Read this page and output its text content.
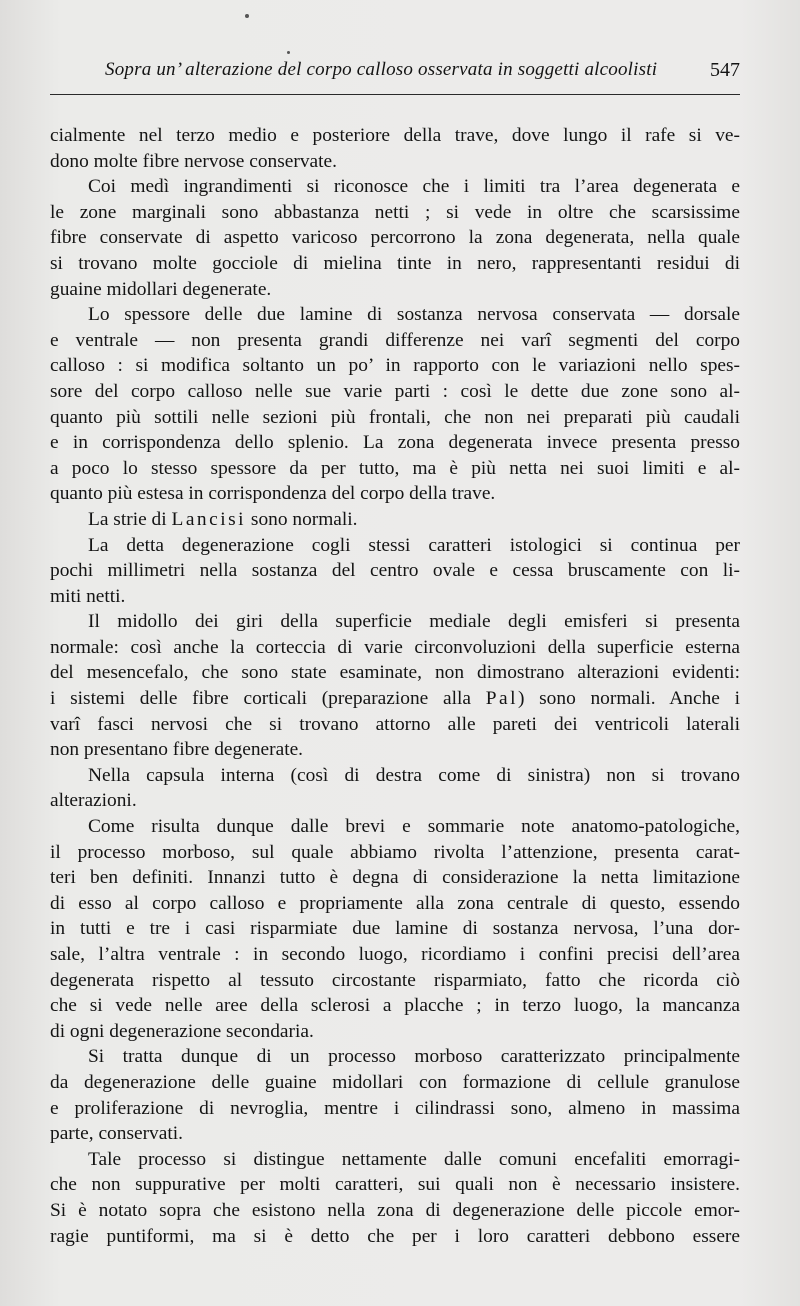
Sopra un’ alterazione del corpo calloso osservata in soggetti alcoolisti	547
cialmente nel terzo medio e posteriore della trave, dove lungo il rafe si ve-
dono molte fibre nervose conservate.
Coi medì ingrandimenti si riconosce che i limiti tra l’area degenerata e
le zone marginali sono abbastanza netti ; si vede in oltre che scarsissime
fibre conservate di aspetto varicoso percorrono la zona degenerata, nella quale
si trovano molte gocciole di mielina tinte in nero, rappresentanti residui di
guaine midollari degenerate.
Lo spessore delle due lamine di sostanza nervosa conservata — dorsale
e ventrale — non presenta grandi differenze nei varî segmenti del corpo
calloso : si modifica soltanto un po’ in rapporto con le variazioni nello spes-
sore del corpo calloso nelle sue varie parti : così le dette due zone sono al-
quanto più sottili nelle sezioni più frontali, che non nei preparati più caudali
e in corrispondenza dello splenio. La zona degenerata invece presenta presso
a poco lo stesso spessore da per tutto, ma è più netta nei suoi limiti e al-
quanto più estesa in corrispondenza del corpo della trave.
La strie di Lancisi sono normali.
La detta degenerazione cogli stessi caratteri istologici si continua per
pochi millimetri nella sostanza del centro ovale e cessa bruscamente con li-
miti netti.
Il midollo dei giri della superficie mediale degli emisferi si presenta
normale: così anche la corteccia di varie circonvoluzioni della superficie esterna
del mesencefalo, che sono state esaminate, non dimostrano alterazioni evidenti:
i sistemi delle fibre corticali (preparazione alla Pal) sono normali. Anche i
varî fasci nervosi che si trovano attorno alle pareti dei ventricoli laterali
non presentano fibre degenerate.
Nella capsula interna (così di destra come di sinistra) non si trovano
alterazioni.
Come risulta dunque dalle brevi e sommarie note anatomo-patologiche,
il processo morboso, sul quale abbiamo rivolta l’attenzione, presenta carat-
teri ben definiti. Innanzi tutto è degna di considerazione la netta limitazione
di esso al corpo calloso e propriamente alla zona centrale di questo, essendo
in tutti e tre i casi risparmiate due lamine di sostanza nervosa, l’una dor-
sale, l’altra ventrale : in secondo luogo, ricordiamo i confini precisi dell’area
degenerata rispetto al tessuto circostante risparmiato, fatto che ricorda ciò
che si vede nelle aree della sclerosi a placche ; in terzo luogo, la mancanza
di ogni degenerazione secondaria.
Si tratta dunque di un processo morboso caratterizzato principalmente
da degenerazione delle guaine midollari con formazione di cellule granulose
e proliferazione di nevroglia, mentre i cilindrassi sono, almeno in massima
parte, conservati.
Tale processo si distingue nettamente dalle comuni encefaliti emorragi-
che non suppurative per molti caratteri, sui quali non è necessario insistere.
Si è notato sopra che esistono nella zona di degenerazione delle piccole emor-
ragie puntiformi, ma si è detto che per i loro caratteri debbono essere
